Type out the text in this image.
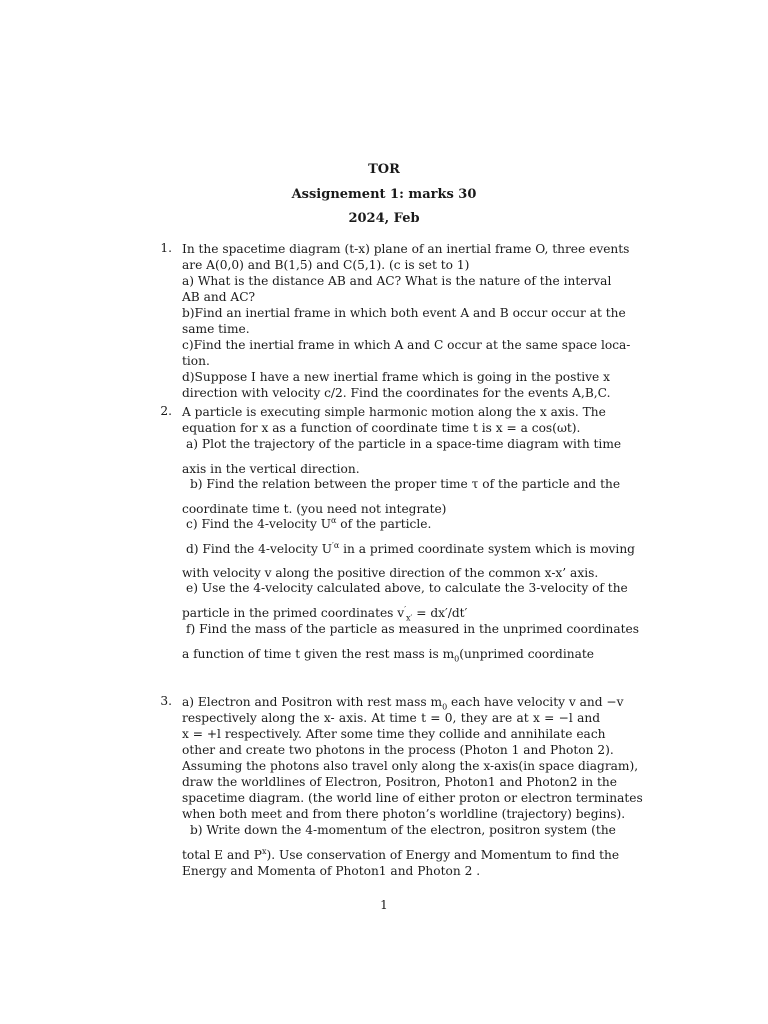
TOR
Assignement 1: marks 30
2024, Feb
1. In the spacetime diagram (t-x) plane of an inertial frame O, three events
are A(0,0) and B(1,5) and C(5,1). (c is set to 1)
a) What is the distance AB and AC? What is the nature of the interval
AB and AC?
b)Find an inertial frame in which both event A and B occur occur at the
same time.
c)Find the inertial frame in which A and C occur at the same space loca-
tion.
d)Suppose I have a new inertial frame which is going in the postive x
direction with velocity c/2. Find the coordinates for the events A,B,C.
2. A particle is executing simple harmonic motion along the x axis. The
equation for x as a function of coordinate time t is x = a cos(ωt).
a) Plot the trajectory of the particle in a space-time diagram with time
axis in the vertical direction.
b) Find the relation between the proper time τ of the particle and the
coordinate time t. (you need not integrate)
c) Find the 4-velocity $U^\alpha$ of the particle.
d) Find the 4-velocity $U^{'\alpha}$ in a primed coordinate system which is moving
with velocity v along the positive direction of the common x-x’ axis.
e) Use the 4-velocity calculated above, to calculate the 3-velocity of the
particle in the primed coordinates $v'_{x'} = dx'/dt'$
f) Find the mass of the particle as measured in the unprimed coordinates
a function of time t given the rest mass is $m_0(unprimed$ coordinate
3. a) Electron and Positron with rest mass $m_0$ each have velocity v and −v
respectively along the x- axis. At time t = 0, they are at x = −l and
x = +l respectively. After some time they collide and annihilate each
other and create two photons in the process (Photon 1 and Photon 2).
Assuming the photons also travel only along the x-axis(in space diagram),
draw the worldlines of Electron, Positron, Photon1 and Photon2 in the
spacetime diagram. (the world line of either proton or electron terminates
when both meet and from there photon’s worldline (trajectory) begins).
b) Write down the 4-momentum of the electron, positron system (the
total E and $P^x$). Use conservation of Energy and Momentum to find the
Energy and Momenta of Photon1 and Photon 2 .
1
